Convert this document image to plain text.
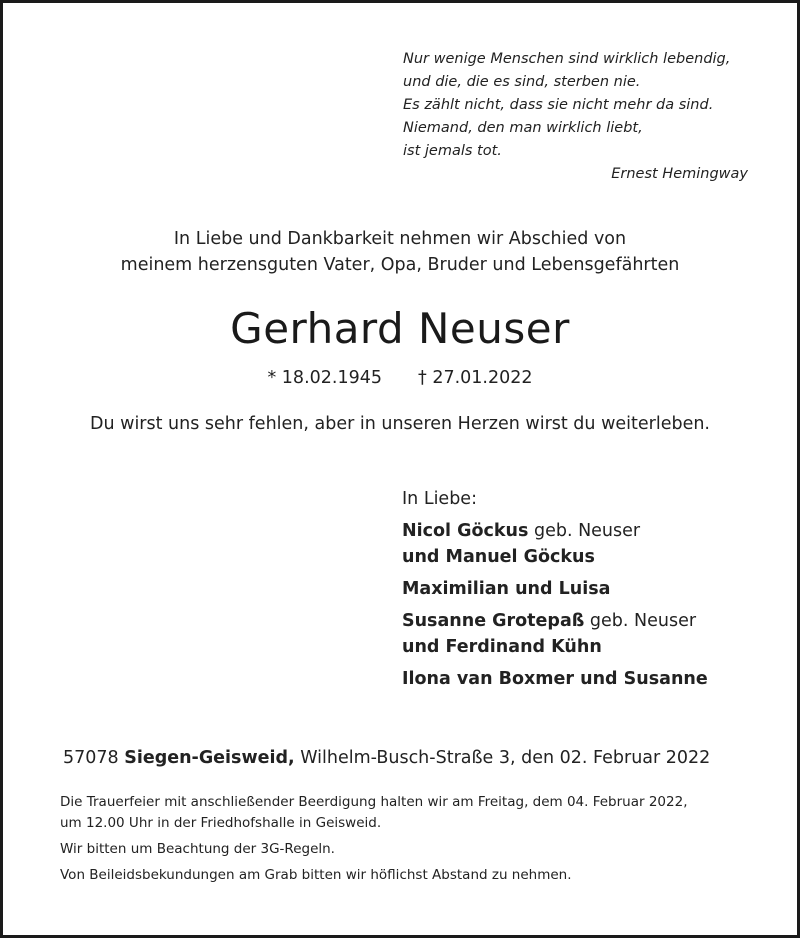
Nur wenige Menschen sind wirklich lebendig,
und die, die es sind, sterben nie.
Es zählt nicht, dass sie nicht mehr da sind.
Niemand, den man wirklich liebt,
ist jemals tot.
Ernest Hemingway
In Liebe und Dankbarkeit nehmen wir Abschied von
meinem herzensguten Vater, Opa, Bruder und Lebensgefährten
Gerhard Neuser
* 18.02.1945 † 27.01.2022
Du wirst uns sehr fehlen, aber in unseren Herzen wirst du weiterleben.
In Liebe:
Nicol Göckus geb. Neuser
und Manuel Göckus
Maximilian und Luisa
Susanne Grotepaß geb. Neuser
und Ferdinand Kühn
Ilona van Boxmer und Susanne
57078 Siegen-Geisweid, Wilhelm-Busch-Straße 3, den 02. Februar 2022
Die Trauerfeier mit anschließender Beerdigung halten wir am Freitag, dem 04. Februar 2022,
um 12.00 Uhr in der Friedhofshalle in Geisweid.
Wir bitten um Beachtung der 3G-Regeln.
Von Beileidsbekundungen am Grab bitten wir höflichst Abstand zu nehmen.
